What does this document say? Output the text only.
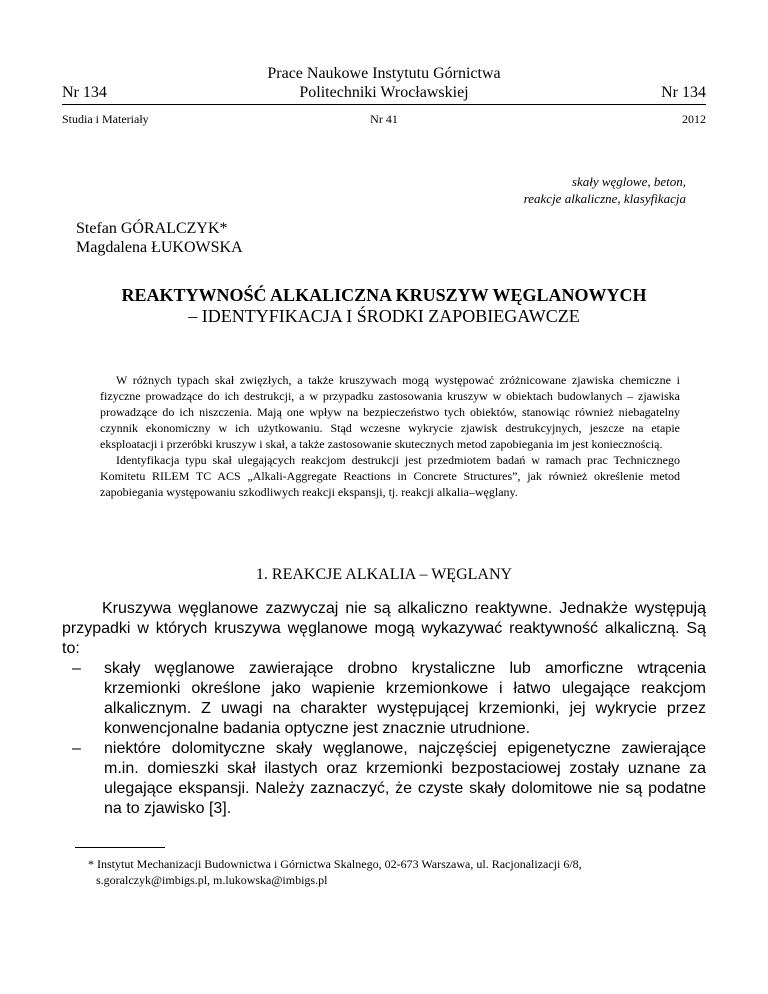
Nr 134
Prace Naukowe Instytutu Górnictwa
Politechniki Wrocławskiej	Nr 134
Studia i Materiały	Nr 41	2012
skały węglowe, beton,
reakcje alkaliczne, klasyfikacja
Stefan GÓRALCZYK*
Magdalena ŁUKOWSKA
REAKTYWNOŚĆ ALKALICZNA KRUSZYW WĘGLANOWYCH
– IDENTYFIKACJA I ŚRODKI ZAPOBIEGAWCZE

W różnych typach skał zwięzłych, a także kruszywach mogą występować zróżnicowane zjawiska chemiczne i fizyczne prowadzące do ich destrukcji, a w przypadku zastosowania kruszyw w obiektach budowlanych – zjawiska prowadzące do ich niszczenia. Mają one wpływ na bezpieczeństwo tych obiektów, stanowiąc również niebagatelny czynnik ekonomiczny w ich użytkowaniu. Stąd wczesne wykrycie zjawisk destrukcyjnych, jeszcze na etapie eksploatacji i przeróbki kruszyw i skał, a także zastosowanie skutecznych metod zapobiegania im jest koniecznością.

Identyfikacja typu skał ulegających reakcjom destrukcji jest przedmiotem badań w ramach prac Technicznego Komitetu RILEM TC ACS „Alkali-Aggregate Reactions in Concrete Structures”, jak również określenie metod zapobiegania występowaniu szkodliwych reakcji ekspansji, tj. reakcji alkalia–węglany.

1. REAKCJE ALKALIA – WĘGLANY

Kruszywa węglanowe zazwyczaj nie są alkaliczno reaktywne. Jednakże występują przypadki w których kruszywa węglanowe mogą wykazywać reaktywność alkaliczną. Są to:

– skały węglanowe zawierające drobno krystaliczne lub amorficzne wtrącenia krzemionki określone jako wapienie krzemionkowe i łatwo ulegające reakcjom alkalicznym. Z uwagi na charakter występującej krzemionki, jej wykrycie przez konwencjonalne badania optyczne jest znacznie utrudnione.
– niektóre dolomityczne skały węglanowe, najczęściej epigenetyczne zawierające m.in. domieszki skał ilastych oraz krzemionki bezpostaciowej zostały uznane za ulegające ekspansji. Należy zaznaczyć, że czyste skały dolomitowe nie są podatne na to zjawisko [3].
* Instytut Mechanizacji Budownictwa i Górnictwa Skalnego, 02-673 Warszawa, ul. Racjonalizacji 6/8,
s.goralczyk@imbigs.pl, m.lukowska@imbigs.pl
